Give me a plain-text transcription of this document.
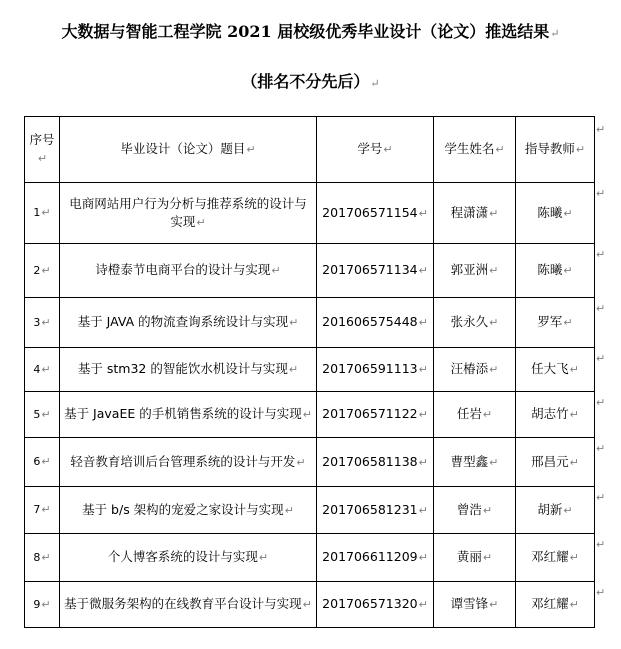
大数据与智能工程学院 2021 届校级优秀毕业设计（论文）推选结果↵
（排名不分先后）↵
序号↵	毕业设计（论文）题目↵	学号↵	学生姓名↵	指导教师↵
1↵	电商网站用户行为分析与推荐系统的设计与实现↵	201706571154↵	程潇潇↵	陈曦↵
2↵	诗橙泰节电商平台的设计与实现↵	201706571134↵	郭亚洲↵	陈曦↵
3↵	基于 JAVA 的物流查询系统设计与实现↵	201606575448↵	张永久↵	罗军↵
4↵	基于 stm32 的智能饮水机设计与实现↵	201706591113↵	汪椿添↵	任大飞↵
5↵	基于 JavaEE 的手机销售系统的设计与实现↵	201706571122↵	任岩↵	胡志竹↵
6↵	轻音教育培训后台管理系统的设计与开发↵	201706581138↵	曹型鑫↵	邢昌元↵
7↵	基于 b/s 架构的宠爱之家设计与实现↵	201706581231↵	曾浩↵	胡新↵
8↵	个人博客系统的设计与实现↵	201706611209↵	黄丽↵	邓红耀↵
9↵	基于微服务架构的在线教育平台设计与实现↵	201706571320↵	谭雪锋↵	邓红耀↵
↵
↵
↵
↵
↵
↵
↵
↵
↵
↵
